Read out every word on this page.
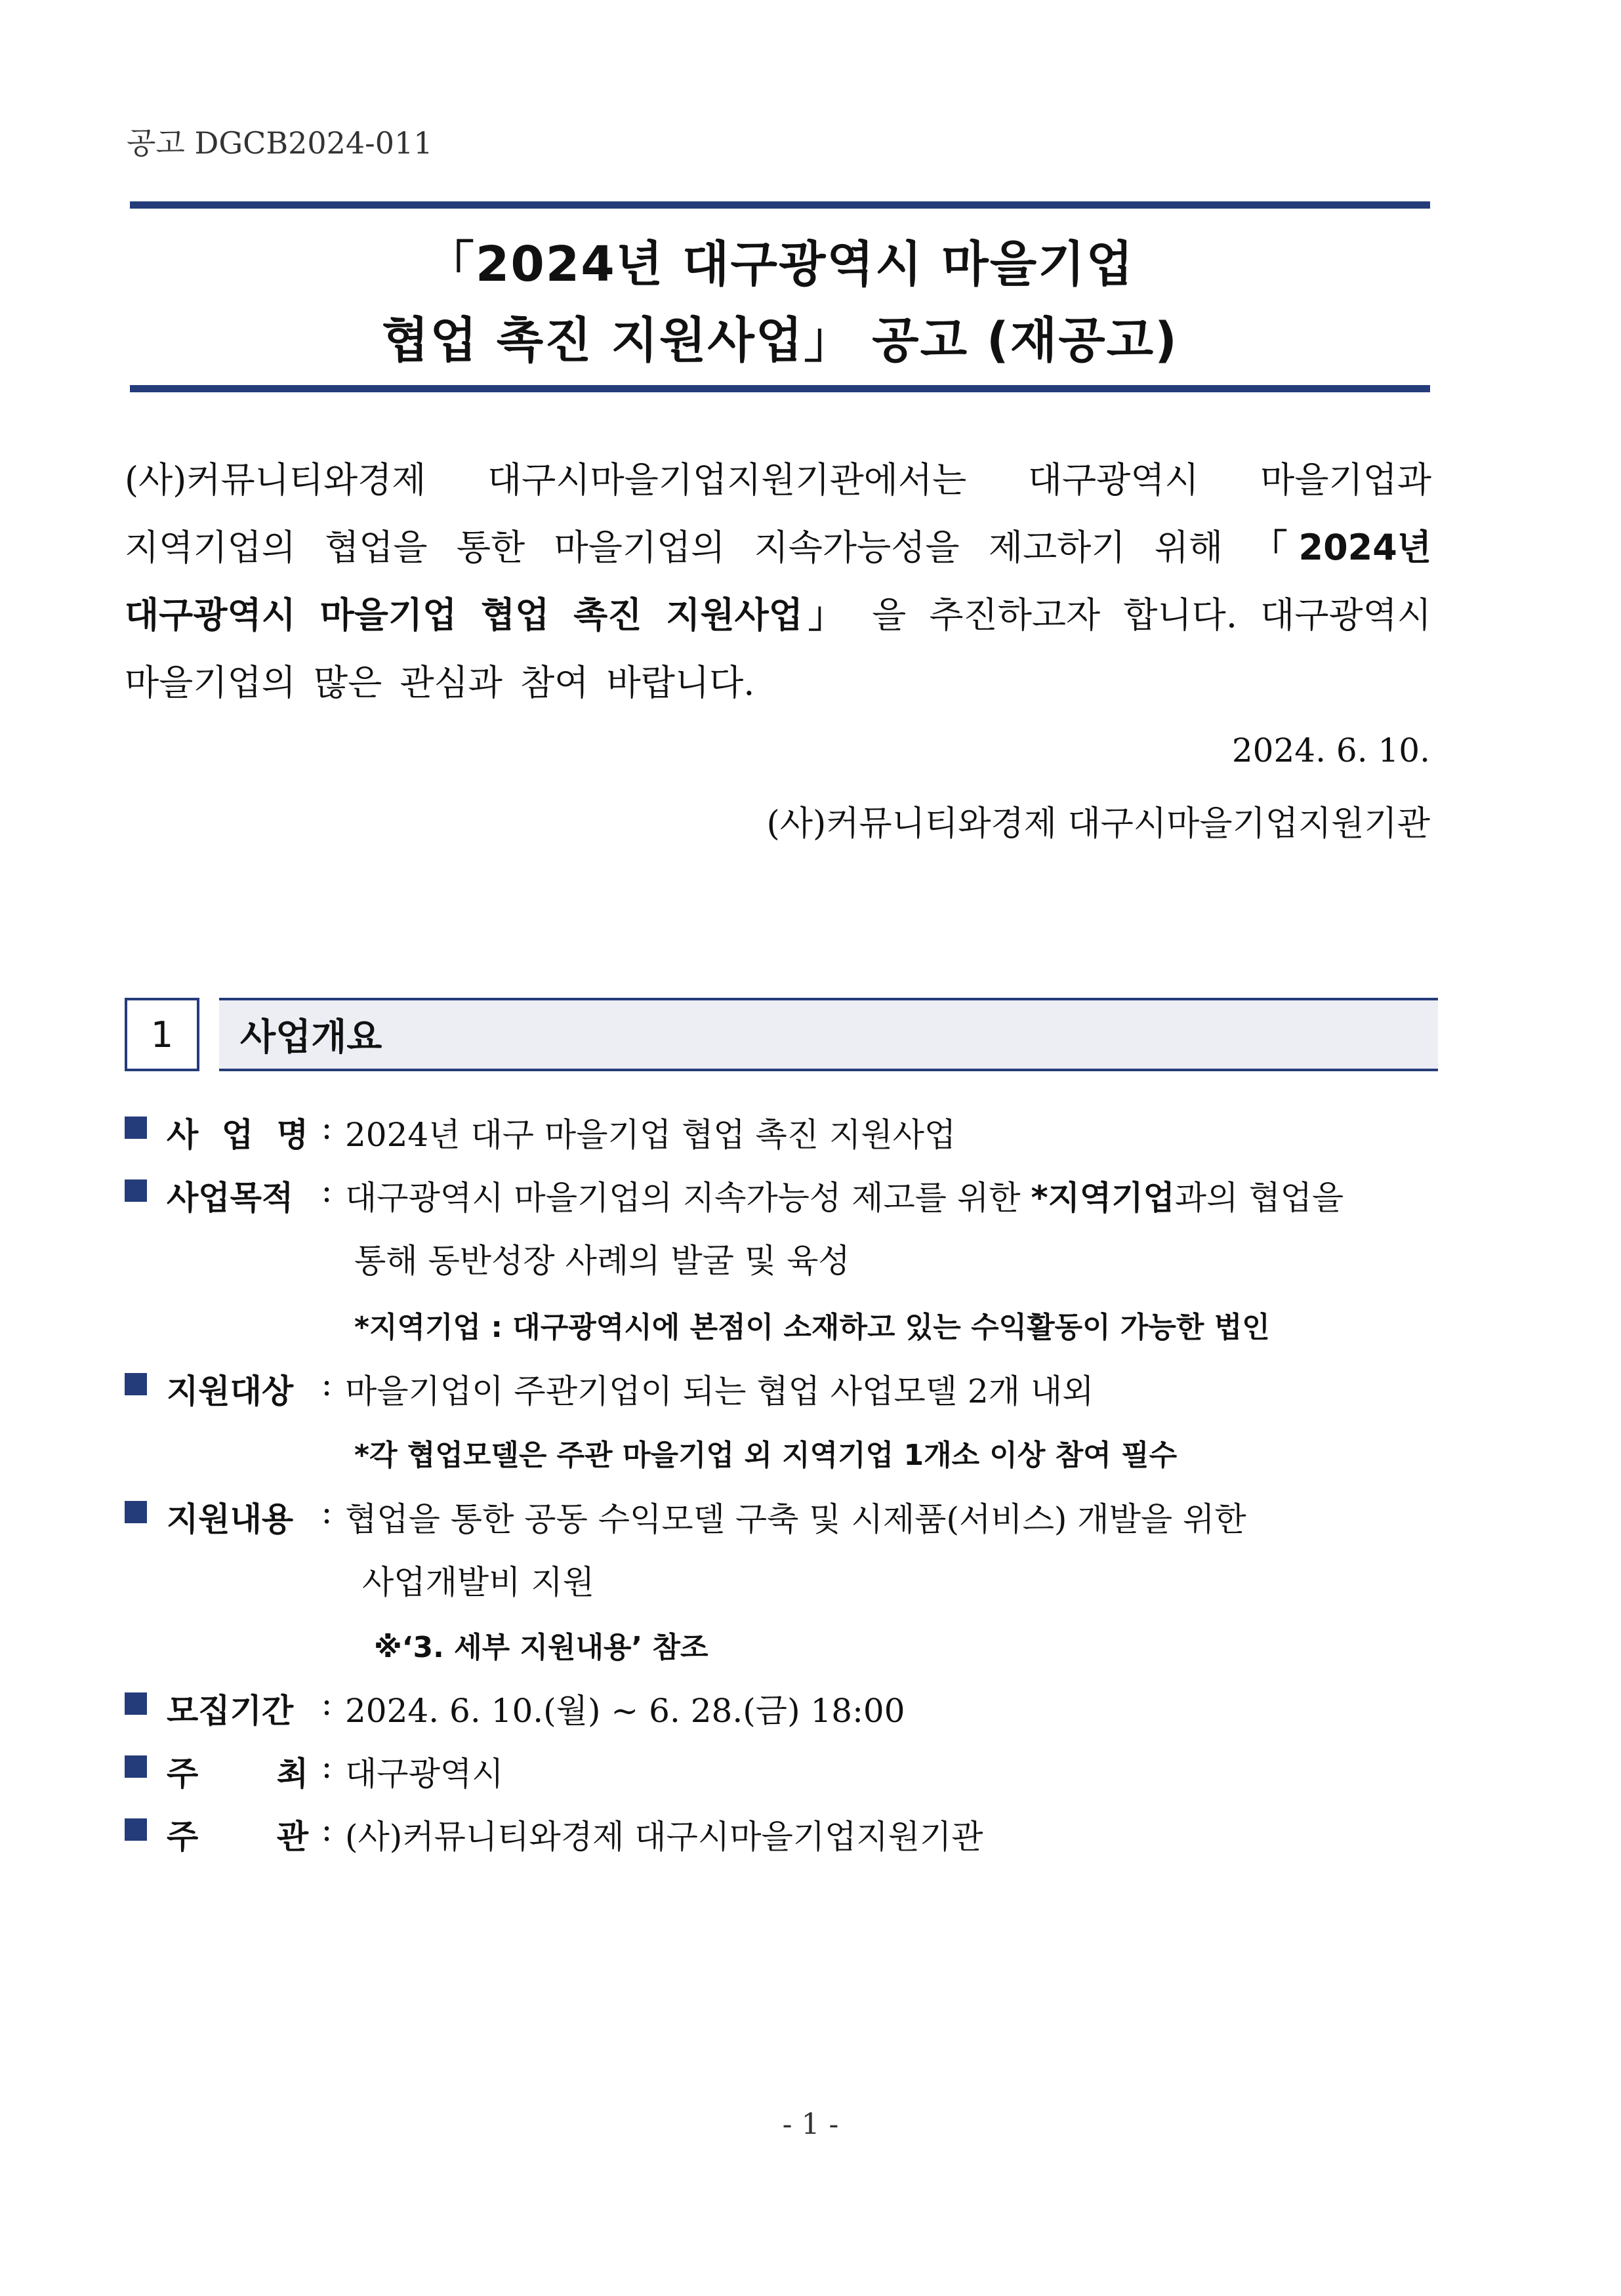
공고 DGCB2024-011
「2024년 대구광역시 마을기업
협업 촉진 지원사업」 공고 (재공고)

(사)커뮤니티와경제 대구시마을기업지원기관에서는 대구광역시 마을기업과

지역기업의 협업을 통한 마을기업의 지속가능성을 제고하기 위해 「2024년

대구광역시 마을기업 협업 촉진 지원사업」 을 추진하고자 합니다. 대구광역시

마을기업의 많은 관심과 참여 바랍니다.

2024. 6. 10.
(사)커뮤니티와경제 대구시마을기업지원기관
1	사업개요
사 업 명 : 2024년 대구 마을기업 협업 촉진 지원사업
사업목적 : 대구광역시 마을기업의 지속가능성 제고를 위한 *지역기업과의 협업을
통해 동반성장 사례의 발굴 및 육성
*지역기업 : 대구광역시에 본점이 소재하고 있는 수익활동이 가능한 법인
지원대상 : 마을기업이 주관기업이 되는 협업 사업모델 2개 내외
*각 협업모델은 주관 마을기업 외 지역기업 1개소 이상 참여 필수
지원내용 : 협업을 통한 공동 수익모델 구축 및 시제품(서비스) 개발을 위한
사업개발비 지원
※‘3. 세부 지원내용’ 참조
모집기간 : 2024. 6. 10.(월) ~ 6. 28.(금) 18:00
주 최 : 대구광역시
주 관 : (사)커뮤니티와경제 대구시마을기업지원기관
- 1 -
